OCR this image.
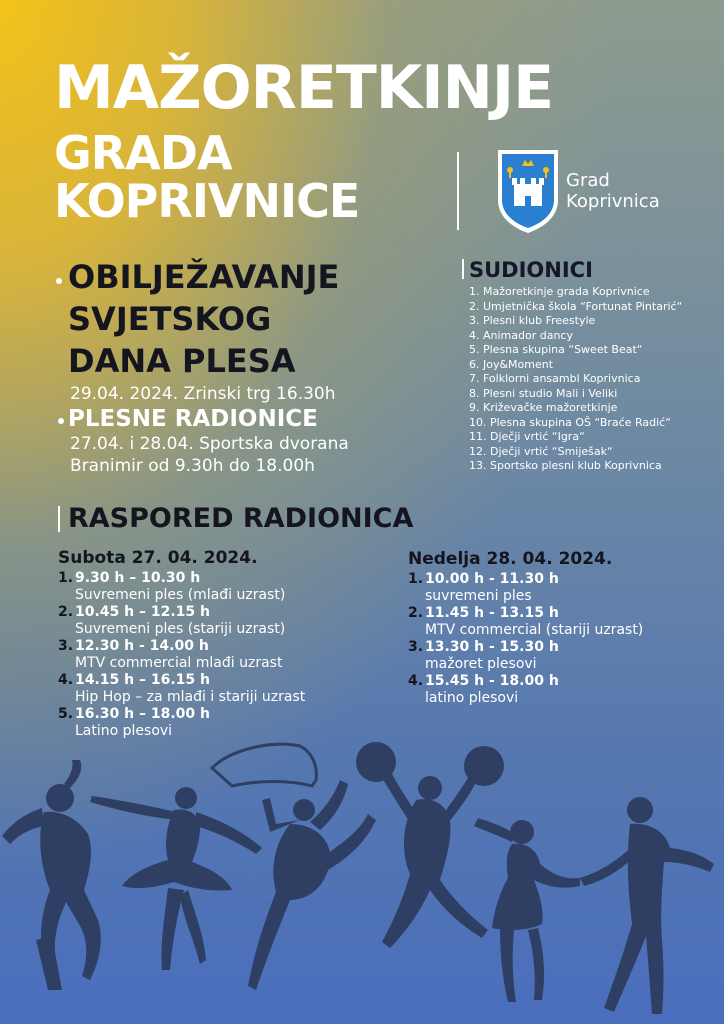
MAŽORETKINJE
GRADA
KOPRIVNICE	Grad
Koprivnica
OBILJEŽAVANJE
SVJETSKOG
DANA PLESA
29.04. 2024. Zrinski trg 16.30h
PLESNE RADIONICE
27.04. i 28.04. Sportska dvorana
Branimir od 9.30h do 18.00h
SUDIONICI
1. Mažoretkinje grada Koprivnice
2. Umjetnička škola “Fortunat Pintarić“
3. Plesni klub Freestyle
4. Animador dancy
5. Plesna skupina “Sweet Beat“
6. Joy&Moment
7. Folklorni ansambl Koprivnica
8. Plesni studio Mali i Veliki
9. Križevačke mažoretkinje
10. Plesna skupina OŠ “Braće Radić“
11. Dječji vrtić “Igra“
12. Dječji vrtić “Smiješak“
13. Sportsko plesni klub Koprivnica
RASPORED RADIONICA
Subota 27. 04. 2024.
1. 9.30 h – 10.30 h
Suvremeni ples (mlađi uzrast)
2. 10.45 h – 12.15 h
Suvremeni ples (stariji uzrast)
3. 12.30 h - 14.00 h
MTV commercial mlađi uzrast
4. 14.15 h – 16.15 h
Hip Hop – za mlađi i stariji uzrast
5. 16.30 h – 18.00 h
Latino plesovi
Nedelja 28. 04. 2024.
1. 10.00 h - 11.30 h
suvremeni ples
2. 11.45 h - 13.15 h
MTV commercial (stariji uzrast)
3. 13.30 h - 15.30 h
mažoret plesovi
4. 15.45 h - 18.00 h
latino plesovi
